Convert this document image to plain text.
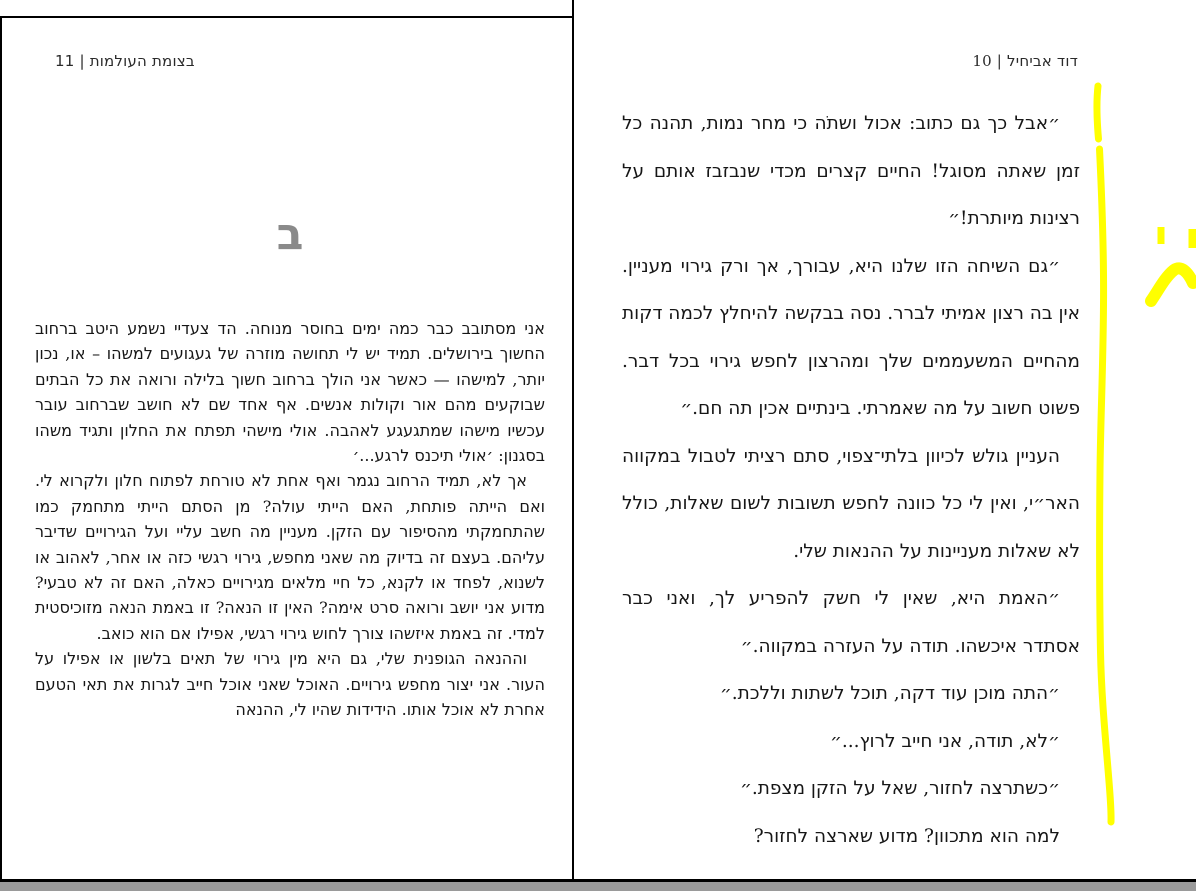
בצומת העולמות | 11
ב

אני מסתובב כבר כמה ימים בחוסר מנוחה. הד צעדיי נשמע היטב ברחוב החשוך בירושלים. תמיד יש לי תחושה מוזרה של געגועים למשהו – או, נכון יותר, למישהו — כאשר אני הולך ברחוב חשוך בלילה ורואה את כל הבתים שבוקעים מהם אור וקולות אנשים. אף אחד שם לא חושב שברחוב עובר עכשיו מישהו שמתגעגע לאהבה. אולי מישהי תפתח את החלון ותגיד משהו בסגנון: ׳אולי תיכנס לרגע...׳

אך לא, תמיד הרחוב נגמר ואף אחת לא טורחת לפתוח חלון ולקרוא לי. ואם הייתה פותחת, האם הייתי עולה? מן הסתם הייתי מתחמק כמו שהתחמקתי מהסיפור עם הזקן. מעניין מה חשב עליי ועל הגירויים שדיבר עליהם. בעצם זה בדיוק מה שאני מחפש, גירוי רגשי כזה או אחר, לאהוב או לשנוא, לפחד או לקנא, כל חיי מלאים מגירויים כאלה, האם זה לא טבעי? מדוע אני יושב ורואה סרט אימה? האין זו הנאה? זו באמת הנאה מזוכיסטית למדי. זה באמת איזשהו צורך לחוש גירוי רגשי, אפילו אם הוא כואב.

וההנאה הגופנית שלי, גם היא מין גירוי של תאים בלשון או אפילו על העור. אני יצור מחפש גירויים. האוכל שאני אוכל חייב לגרות את תאי הטעם אחרת לא אוכל אותו. הידידות שהיו לי, ההנאה

דוד אביחיל | 10

״אבל כך גם כתוב: אכול ושתֹה כי מחר נמות, תהנה כל זמן שאתה מסוגל! החיים קצרים מכדי שנבזבז אותם על רצינות מיותרת!״

״גם השיחה הזו שלנו היא, עבורך, אך ורק גירוי מעניין. אין בה רצון אמיתי לברר. נסה בבקשה להיחלץ לכמה דקות מהחיים המשעממים שלך ומהרצון לחפש גירוי בכל דבר. פשוט חשוב על מה שאמרתי. בינתיים אכין תה חם.״

העניין גולש לכיוון בלתי־צפוי, סתם רציתי לטבול במקווה האר״י, ואין לי כל כוונה לחפש תשובות לשום שאלות, כולל לא שאלות מעניינות על ההנאות שלי.

״האמת היא, שאין לי חשק להפריע לך, ואני כבר אסתדר איכשהו. תודה על העזרה במקווה.״

״התה מוכן עוד דקה, תוכל לשתות וללכת.״

״לא, תודה, אני חייב לרוץ...״

״כשתרצה לחזור, שאל על הזקן מצפת.״

למה הוא מתכוון? מדוע שארצה לחזור?
